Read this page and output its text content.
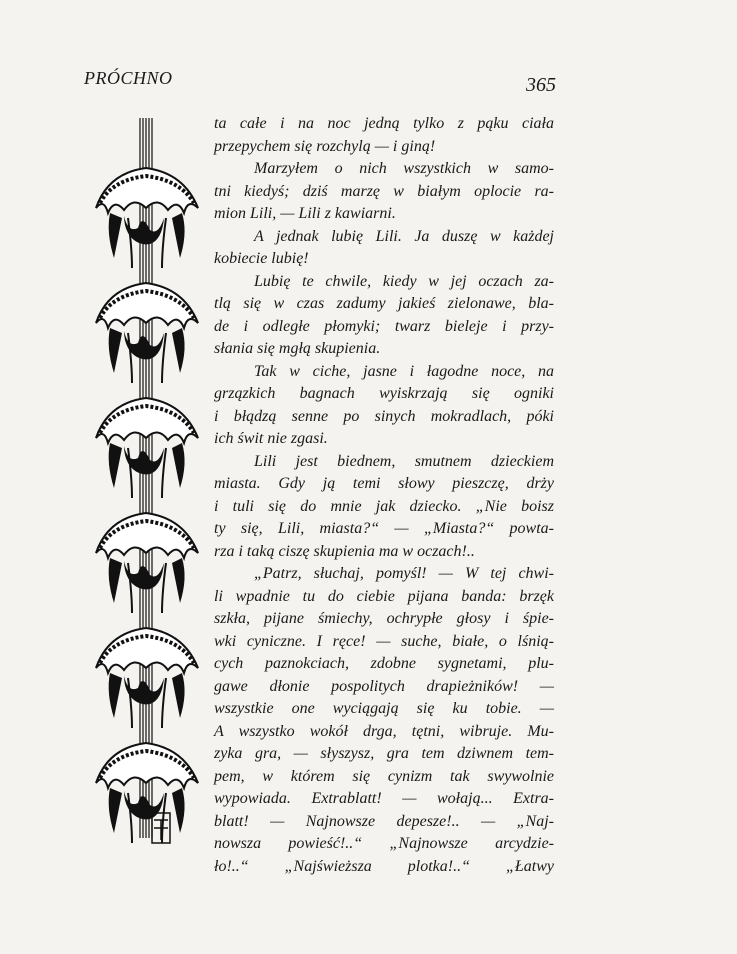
PRÓCHNO	365
ta całe i na noc jedną tylko z pąku ciała
przepychem się rozchylą — i giną!
Marzyłem o nich wszystkich w samo-
tni kiedyś; dziś marzę w białym oplocie ra-
mion Lili, — Lili z kawiarni.
A jednak lubię Lili. Ja duszę w każdej
kobiecie lubię!
Lubię te chwile, kiedy w jej oczach za-
tlą się w czas zadumy jakieś zielonawe, bla-
de i odległe płomyki; twarz bieleje i przy-
słania się mgłą skupienia.
Tak w ciche, jasne i łagodne noce, na
grzązkich bagnach wyiskrzają się ogniki
i błądzą senne po sinych mokradlach, póki
ich świt nie zgasi.
Lili jest biednem, smutnem dzieckiem
miasta. Gdy ją temi słowy pieszczę, drży
i tuli się do mnie jak dziecko. „Nie boisz
ty się, Lili, miasta?“ — „Miasta?“ powta-
rza i taką ciszę skupienia ma w oczach!..
„Patrz, słuchaj, pomyśl! — W tej chwi-
li wpadnie tu do ciebie pijana banda: brzęk
szkła, pijane śmiechy, ochrypłe głosy i śpie-
wki cyniczne. I ręce! — suche, białe, o lśnią-
cych paznokciach, zdobne sygnetami, plu-
gawe dłonie pospolitych drapieżników! —
wszystkie one wyciągają się ku tobie. —
A wszystko wokół drga, tętni, wibruje. Mu-
zyka gra, — słyszysz, gra tem dziwnem tem-
pem, w którem się cynizm tak swywolnie
wypowiada. Extrablatt! — wołają... Extra-
blatt! — Najnowsze depesze!.. — „Naj-
nowsza powieść!..“ „Najnowsze arcydzie-
ło!..“ „Najświeższa plotka!..“ „Łatwy
